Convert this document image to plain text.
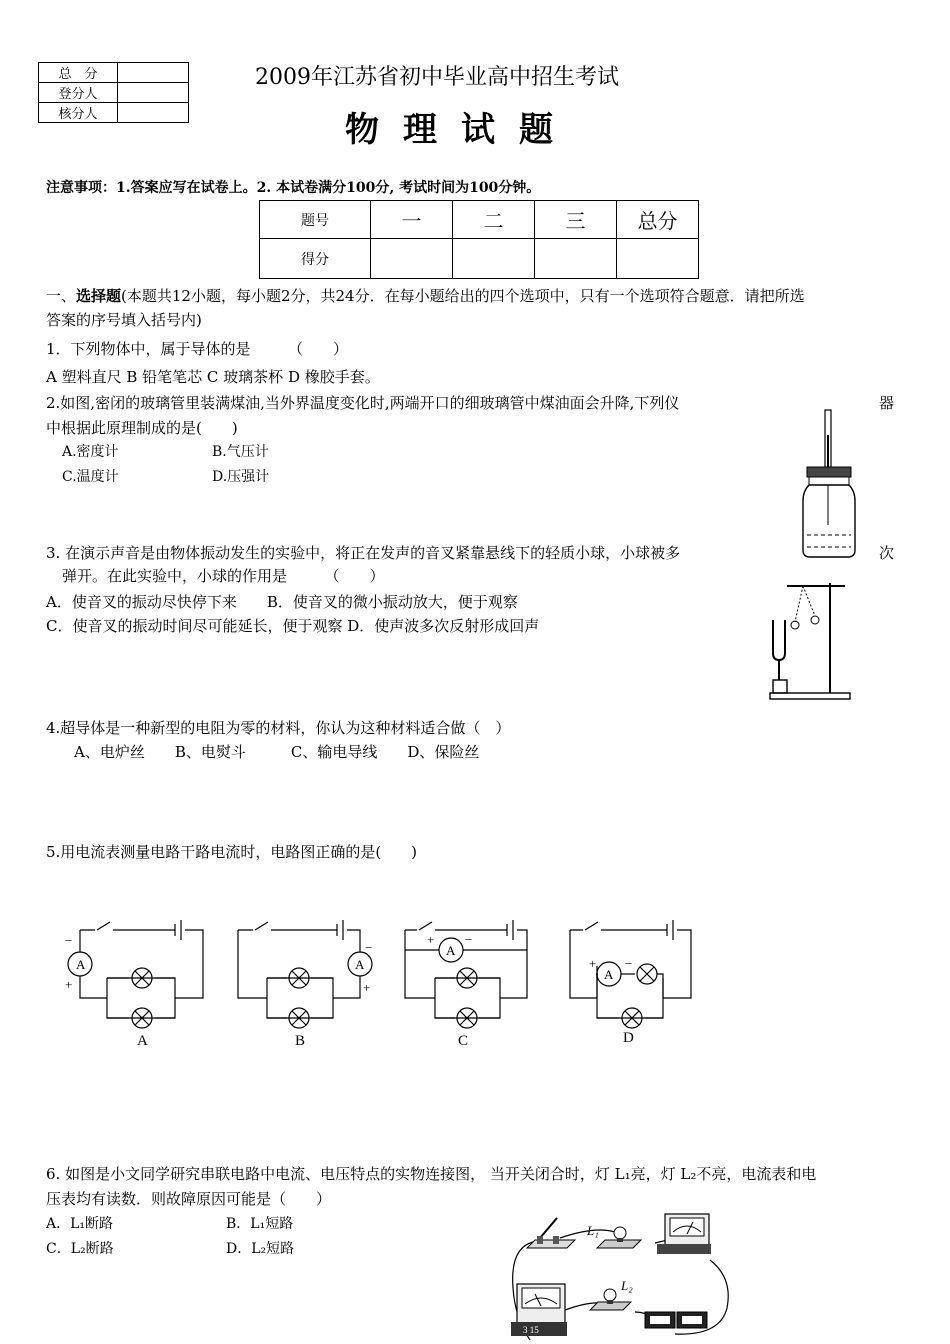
总　分	
登分人	
核分人	
2009年江苏省初中毕业高中招生考试
物理试题
注意事项：1.答案应写在试卷上。2. 本试卷满分100分, 考试时间为100分钟。
题号	一	二	三	总分
得分				
一、选择题(本题共12小题，每小题2分，共24分．在每小题给出的四个选项中，只有一个选项符合题意．请把所选
答案的序号填入括号内)
1．下列物体中，属于导体的是　　　（　　）
A 塑料直尺 B 铅笔笔芯 C 玻璃茶杯 D 橡胶手套。
2.如图,密闭的玻璃管里装满煤油,当外界温度变化时,两端开口的细玻璃管中煤油面会升降,下列仪	器
中根据此原理制成的是(　　)
A.密度计	B.气压计
C.温度计	D.压强计
3. 在演示声音是由物体振动发生的实验中，将正在发声的音叉紧靠悬线下的轻质小球，小球被多	次
弹开。在此实验中，小球的作用是　　　（　　）
A．使音叉的振动尽快停下来　　B．使音叉的微小振动放大，便于观察
C．使音叉的振动时间尽可能延长，便于观察 D．使声波多次反射形成回声
4.超导体是一种新型的电阻为零的材料，你认为这种材料适合做（　）
A、电炉丝　　B、电熨斗　　　C、输电导线　　D、保险丝
5.用电流表测量电路干路电流时，电路图正确的是(　　)
A
−
+
A
−
+
A
+ −
A
+ −
A	B	C	D
6. 如图是小文同学研究串联电路中电流、电压特点的实物连接图， 当开关闭合时，灯 L₁亮，灯 L₂不亮，电流表和电
压表均有读数．则故障原因可能是（　　）
A．L₁断路	B．L₁短路
C．L₂断路	D．L₂短路
L₁
L₂
3 15
